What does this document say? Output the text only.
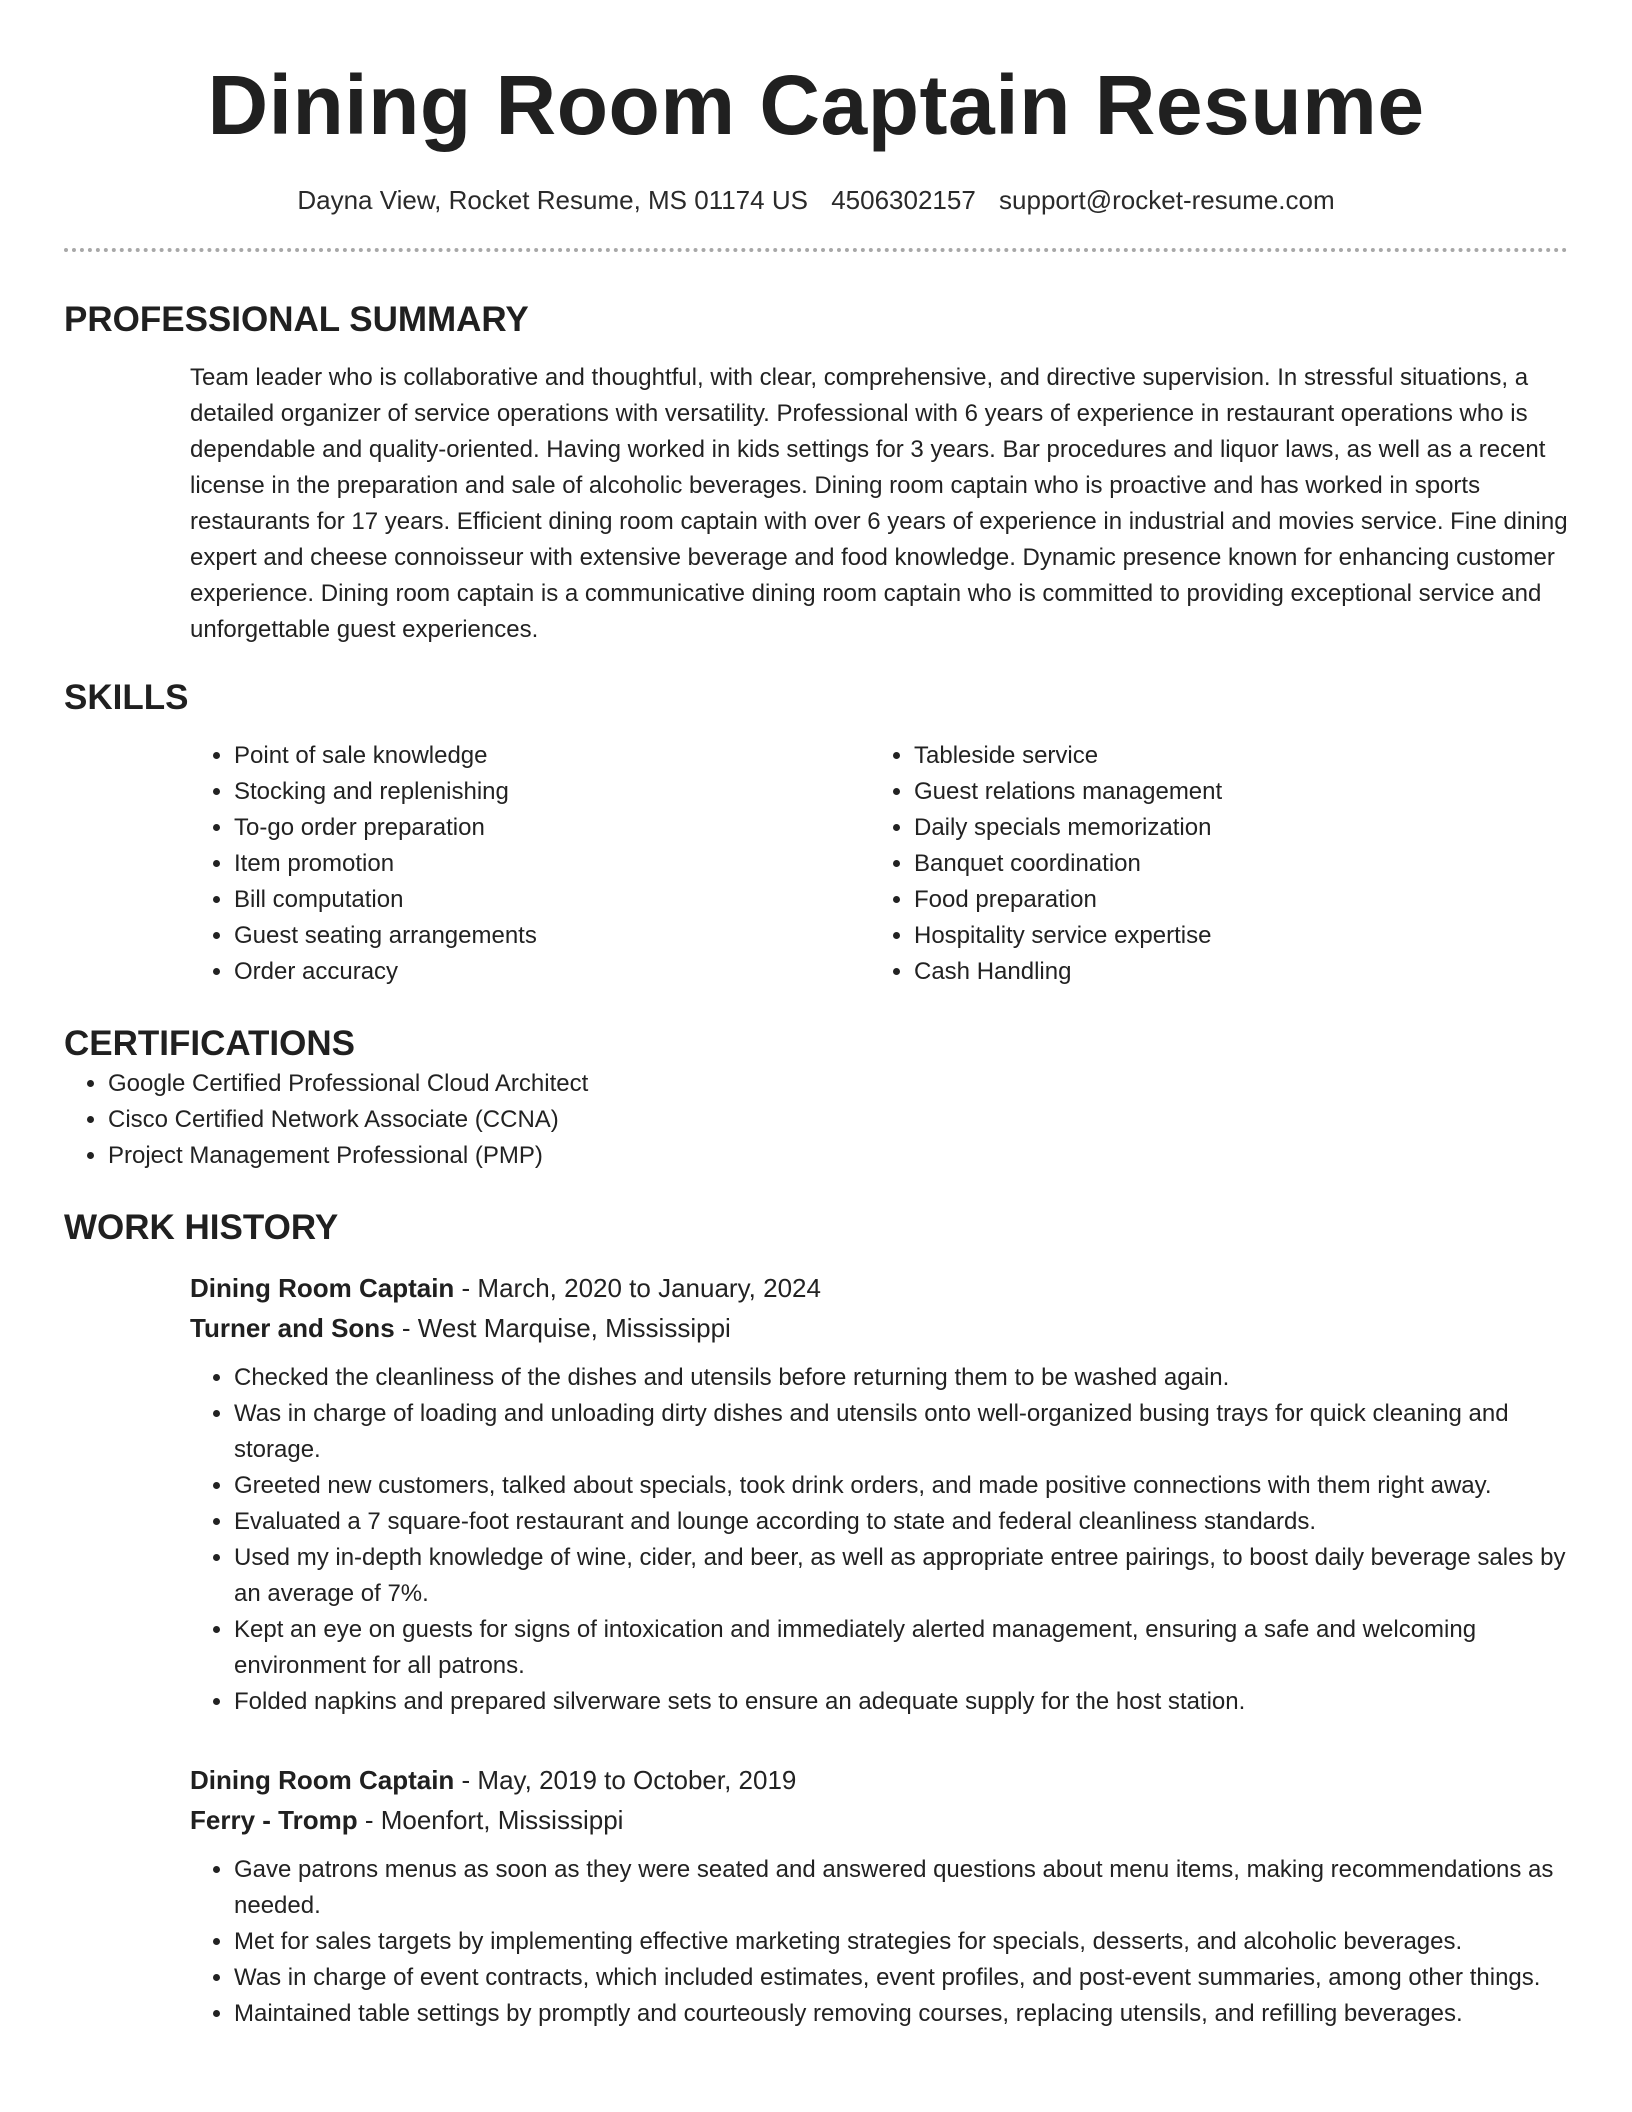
Dining Room Captain Resume
Dayna View, Rocket Resume, MS 01174 US 4506302157 support@rocket-resume.com
PROFESSIONAL SUMMARY

Team leader who is collaborative and thoughtful, with clear, comprehensive, and directive supervision. In stressful situations, a detailed organizer of service operations with versatility. Professional with 6 years of experience in restaurant operations who is dependable and quality-oriented. Having worked in kids settings for 3 years. Bar procedures and liquor laws, as well as a recent license in the preparation and sale of alcoholic beverages. Dining room captain who is proactive and has worked in sports restaurants for 17 years. Efficient dining room captain with over 6 years of experience in industrial and movies service. Fine dining expert and cheese connoisseur with extensive beverage and food knowledge. Dynamic presence known for enhancing customer experience. Dining room captain is a communicative dining room captain who is committed to providing exceptional service and unforgettable guest experiences.

SKILLS
• Point of sale knowledge
• Stocking and replenishing
• To-go order preparation
• Item promotion
• Bill computation
• Guest seating arrangements
• Order accuracy
• Tableside service
• Guest relations management
• Daily specials memorization
• Banquet coordination
• Food preparation
• Hospitality service expertise
• Cash Handling
CERTIFICATIONS
• Google Certified Professional Cloud Architect
• Cisco Certified Network Associate (CCNA)
• Project Management Professional (PMP)
WORK HISTORY
Dining Room Captain - March, 2020 to January, 2024
Turner and Sons - West Marquise, Mississippi
• Checked the cleanliness of the dishes and utensils before returning them to be washed again.
• Was in charge of loading and unloading dirty dishes and utensils onto well-organized busing trays for quick cleaning and storage.
• Greeted new customers, talked about specials, took drink orders, and made positive connections with them right away.
• Evaluated a 7 square-foot restaurant and lounge according to state and federal cleanliness standards.
• Used my in-depth knowledge of wine, cider, and beer, as well as appropriate entree pairings, to boost daily beverage sales by an average of 7%.
• Kept an eye on guests for signs of intoxication and immediately alerted management, ensuring a safe and welcoming environment for all patrons.
• Folded napkins and prepared silverware sets to ensure an adequate supply for the host station.
Dining Room Captain - May, 2019 to October, 2019
Ferry - Tromp - Moenfort, Mississippi
• Gave patrons menus as soon as they were seated and answered questions about menu items, making recommendations as needed.
• Met for sales targets by implementing effective marketing strategies for specials, desserts, and alcoholic beverages.
• Was in charge of event contracts, which included estimates, event profiles, and post-event summaries, among other things.
• Maintained table settings by promptly and courteously removing courses, replacing utensils, and refilling beverages.
